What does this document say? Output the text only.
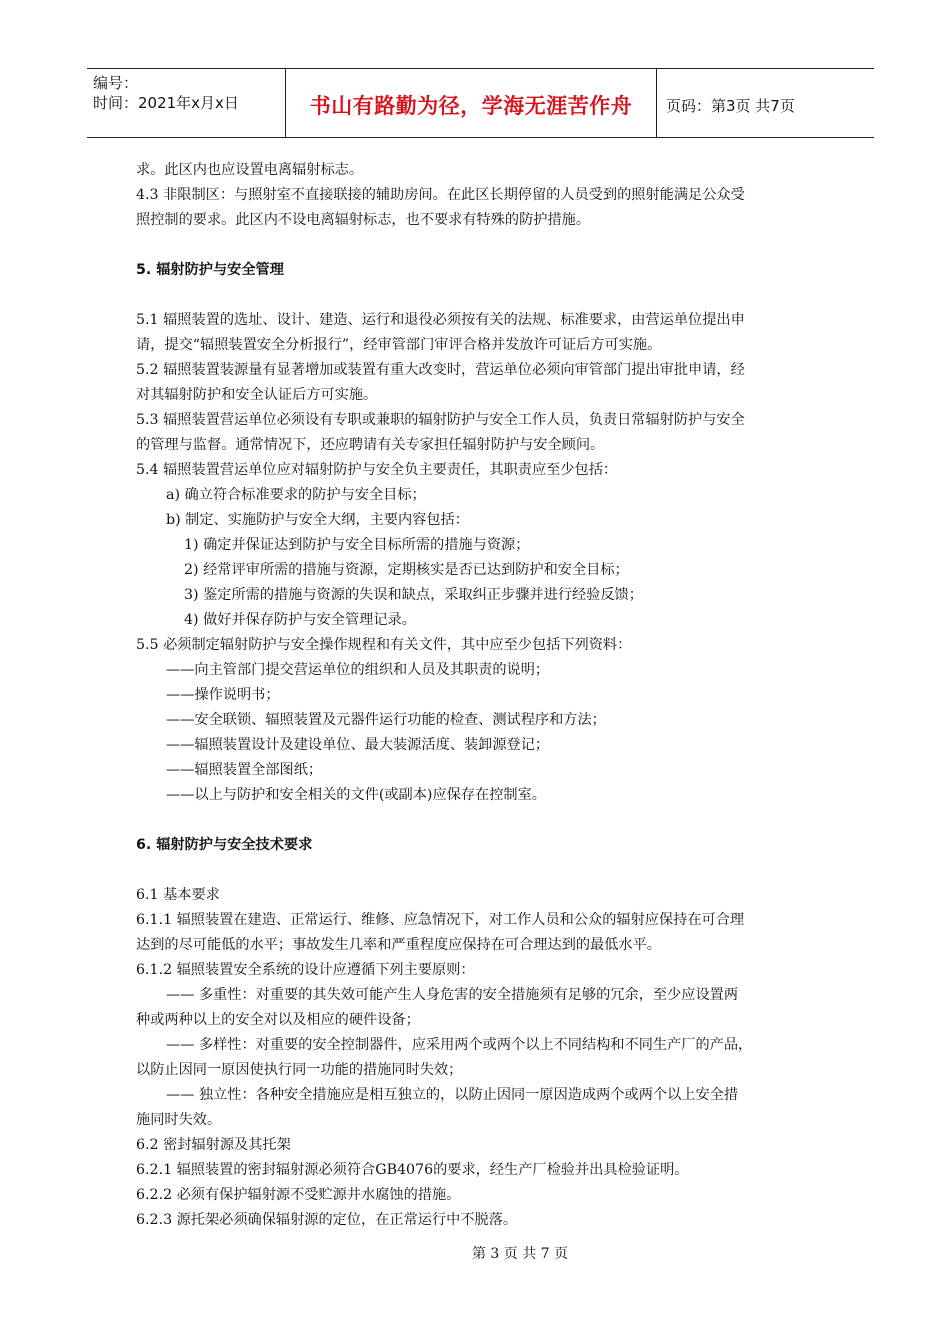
编号：
时间：2021年x月x日	书山有路勤为径，学海无涯苦作舟	页码：第3页 共7页

求。此区内也应设置电离辐射标志。

4.3 非限制区：与照射室不直接联接的辅助房间。在此区长期停留的人员受到的照射能满足公众受

照控制的要求。此区内不设电离辐射标志，也不要求有特殊的防护措施。

5. 辐射防护与安全管理

5.1 辐照装置的选址、设计、建造、运行和退役必须按有关的法规、标准要求，由营运单位提出申

请，提交“辐照装置安全分析报行”，经审管部门审评合格并发放许可证后方可实施。

5.2 辐照装置装源量有显著增加或装置有重大改变时，营运单位必须向审管部门提出审批申请，经

对其辐射防护和安全认证后方可实施。

5.3 辐照装置营运单位必须设有专职或兼职的辐射防护与安全工作人员，负责日常辐射防护与安全

的管理与监督。通常情况下，还应聘请有关专家担任辐射防护与安全顾问。

5.4 辐照装置营运单位应对辐射防护与安全负主要责任，其职责应至少包括：

a) 确立符合标准要求的防护与安全目标；

b) 制定、实施防护与安全大纲，主要内容包括：

1) 确定并保证达到防护与安全目标所需的措施与资源；

2) 经常评审所需的措施与资源，定期核实是否已达到防护和安全目标；

3) 鉴定所需的措施与资源的失误和缺点，采取纠正步骤并进行经验反馈；

4) 做好并保存防护与安全管理记录。

5.5 必须制定辐射防护与安全操作规程和有关文件，其中应至少包括下列资料：

——向主管部门提交营运单位的组织和人员及其职责的说明；

——操作说明书；

——安全联锁、辐照装置及元器件运行功能的检查、测试程序和方法；

——辐照装置设计及建设单位、最大装源活度、装卸源登记；

——辐照装置全部图纸；

——以上与防护和安全相关的文件(或副本)应保存在控制室。

6. 辐射防护与安全技术要求

6.1 基本要求

6.1.1 辐照装置在建造、正常运行、维修、应急情况下，对工作人员和公众的辐射应保持在可合理

达到的尽可能低的水平；事故发生几率和严重程度应保持在可合理达到的最低水平。

6.1.2 辐照装置安全系统的设计应遵循下列主要原则：

—— 多重性：对重要的其失效可能产生人身危害的安全措施须有足够的冗余，至少应设置两

种或两种以上的安全对以及相应的硬件设备；

—— 多样性：对重要的安全控制器件，应采用两个或两个以上不同结构和不同生产厂的产品，

以防止因同一原因使执行同一功能的措施同时失效；

—— 独立性：各种安全措施应是相互独立的，以防止因同一原因造成两个或两个以上安全措

施同时失效。

6.2 密封辐射源及其托架

6.2.1 辐照装置的密封辐射源必须符合GB4076的要求，经生产厂检验并出具检验证明。

6.2.2 必须有保护辐射源不受贮源井水腐蚀的措施。

6.2.3 源托架必须确保辐射源的定位，在正常运行中不脱落。

第 3 页 共 7 页
